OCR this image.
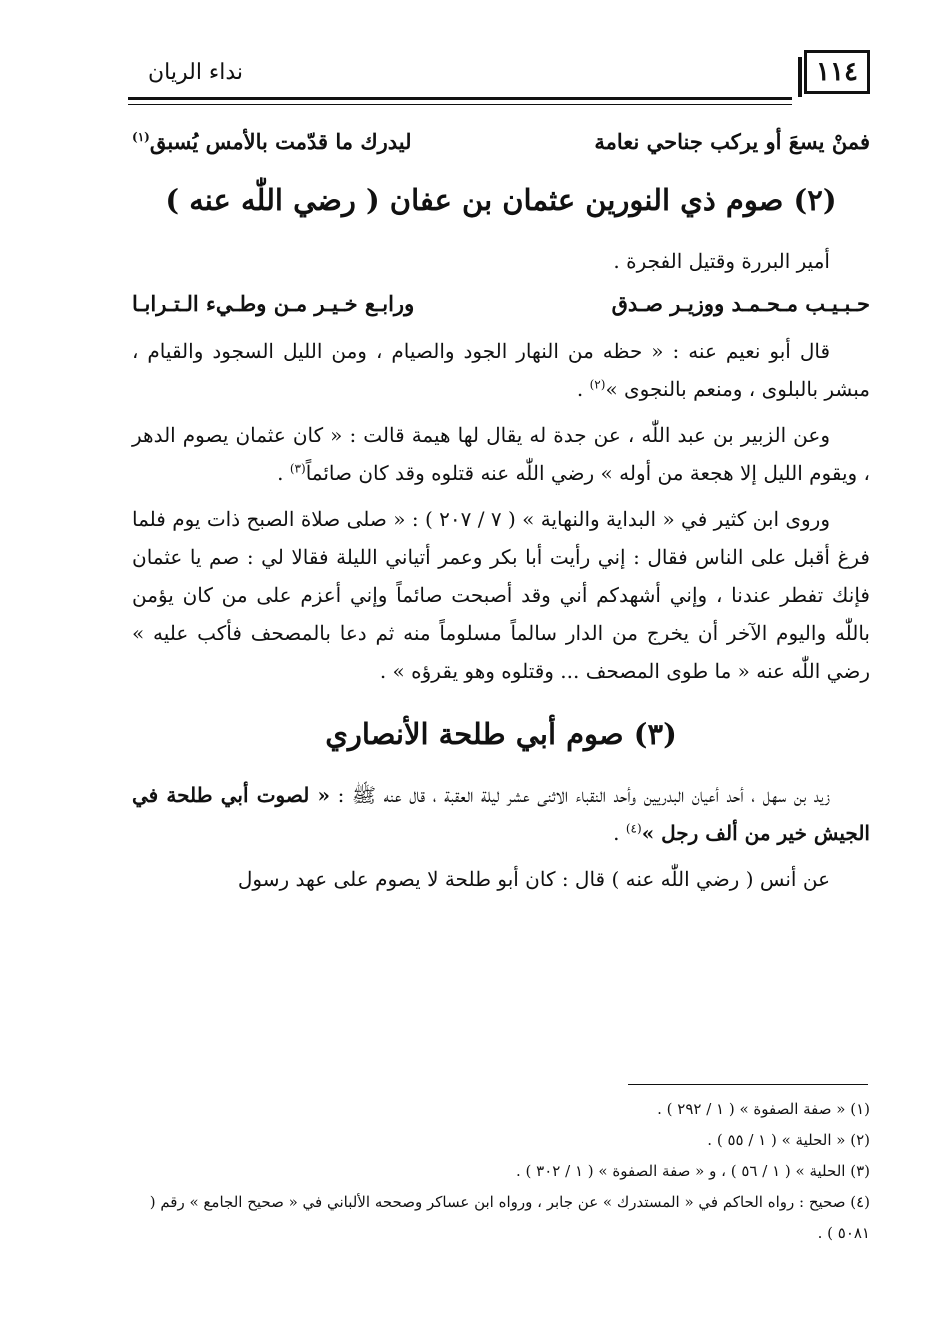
١١٤
نداء الريان
فمنْ يسعَ أو يركب جناحي نعامة
ليدرك ما قدّمت بالأمس يُسبق$^{(١)}$
(٢) صوم ذي النورين عثمان بن عفان ( رضي اللّٰه عنه )

أمير البررة وقتيل الفجرة .

حـبـيـب مـحـمـد ووزيـر صـدق
ورابـع خـيـر مـن وطـيء الـتـرابـا

قال أبو نعيم عنه : « حظه من النهار الجود والصيام ، ومن الليل السجود والقيام ، مبشر بالبلوى ، ومنعم بالنجوى »$^{(٢)}$ .

وعن الزبير بن عبد اللّٰه ، عن جدة له يقال لها هيمة قالت : « كان عثمان يصوم الدهر ، ويقوم الليل إلا هجعة من أوله » رضي اللّٰه عنه قتلوه وقد كان صائماً$^{(٣)}$ .

وروى ابن كثير في « البداية والنهاية » ( ٧ / ٢٠٧ ) : « صلى صلاة الصبح ذات يوم فلما فرغ أقبل على الناس فقال : إني رأيت أبا بكر وعمر أتياني الليلة فقالا لي : صم يا عثمان فإنك تفطر عندنا ، وإني أشهدكم أني وقد أصبحت صائماً وإني أعزم على من كان يؤمن باللّٰه واليوم الآخر أن يخرج من الدار سالماً مسلوماً منه ثم دعا بالمصحف فأكب عليه » رضي اللّٰه عنه « ما طوى المصحف ... وقتلوه وهو يقرؤه » .

(٣) صوم أبي طلحة الأنصاري

زيد بن سهل ، أحد أعيان البدريين وأحد النقباء الاثنى عشر ليلة العقبة ، قال عنه ﷺ : « لصوت أبي طلحة في الجيش خير من ألف رجل »$^{(٤)}$ .

عن أنس ( رضي اللّٰه عنه ) قال : كان أبو طلحة لا يصوم على عهد رسول

(١) « صفة الصفوة » ( ١ / ٢٩٢ ) .
(٢) « الحلية » ( ١ / ٥٥ ) .
(٣) الحلية » ( ١ / ٥٦ ) ، و « صفة الصفوة » ( ١ / ٣٠٢ ) .
(٤) صحيح : رواه الحاكم في « المستدرك » عن جابر ، ورواه ابن عساكر وصححه الألباني في « صحيح الجامع » رقم ( ٥٠٨١ ) .
